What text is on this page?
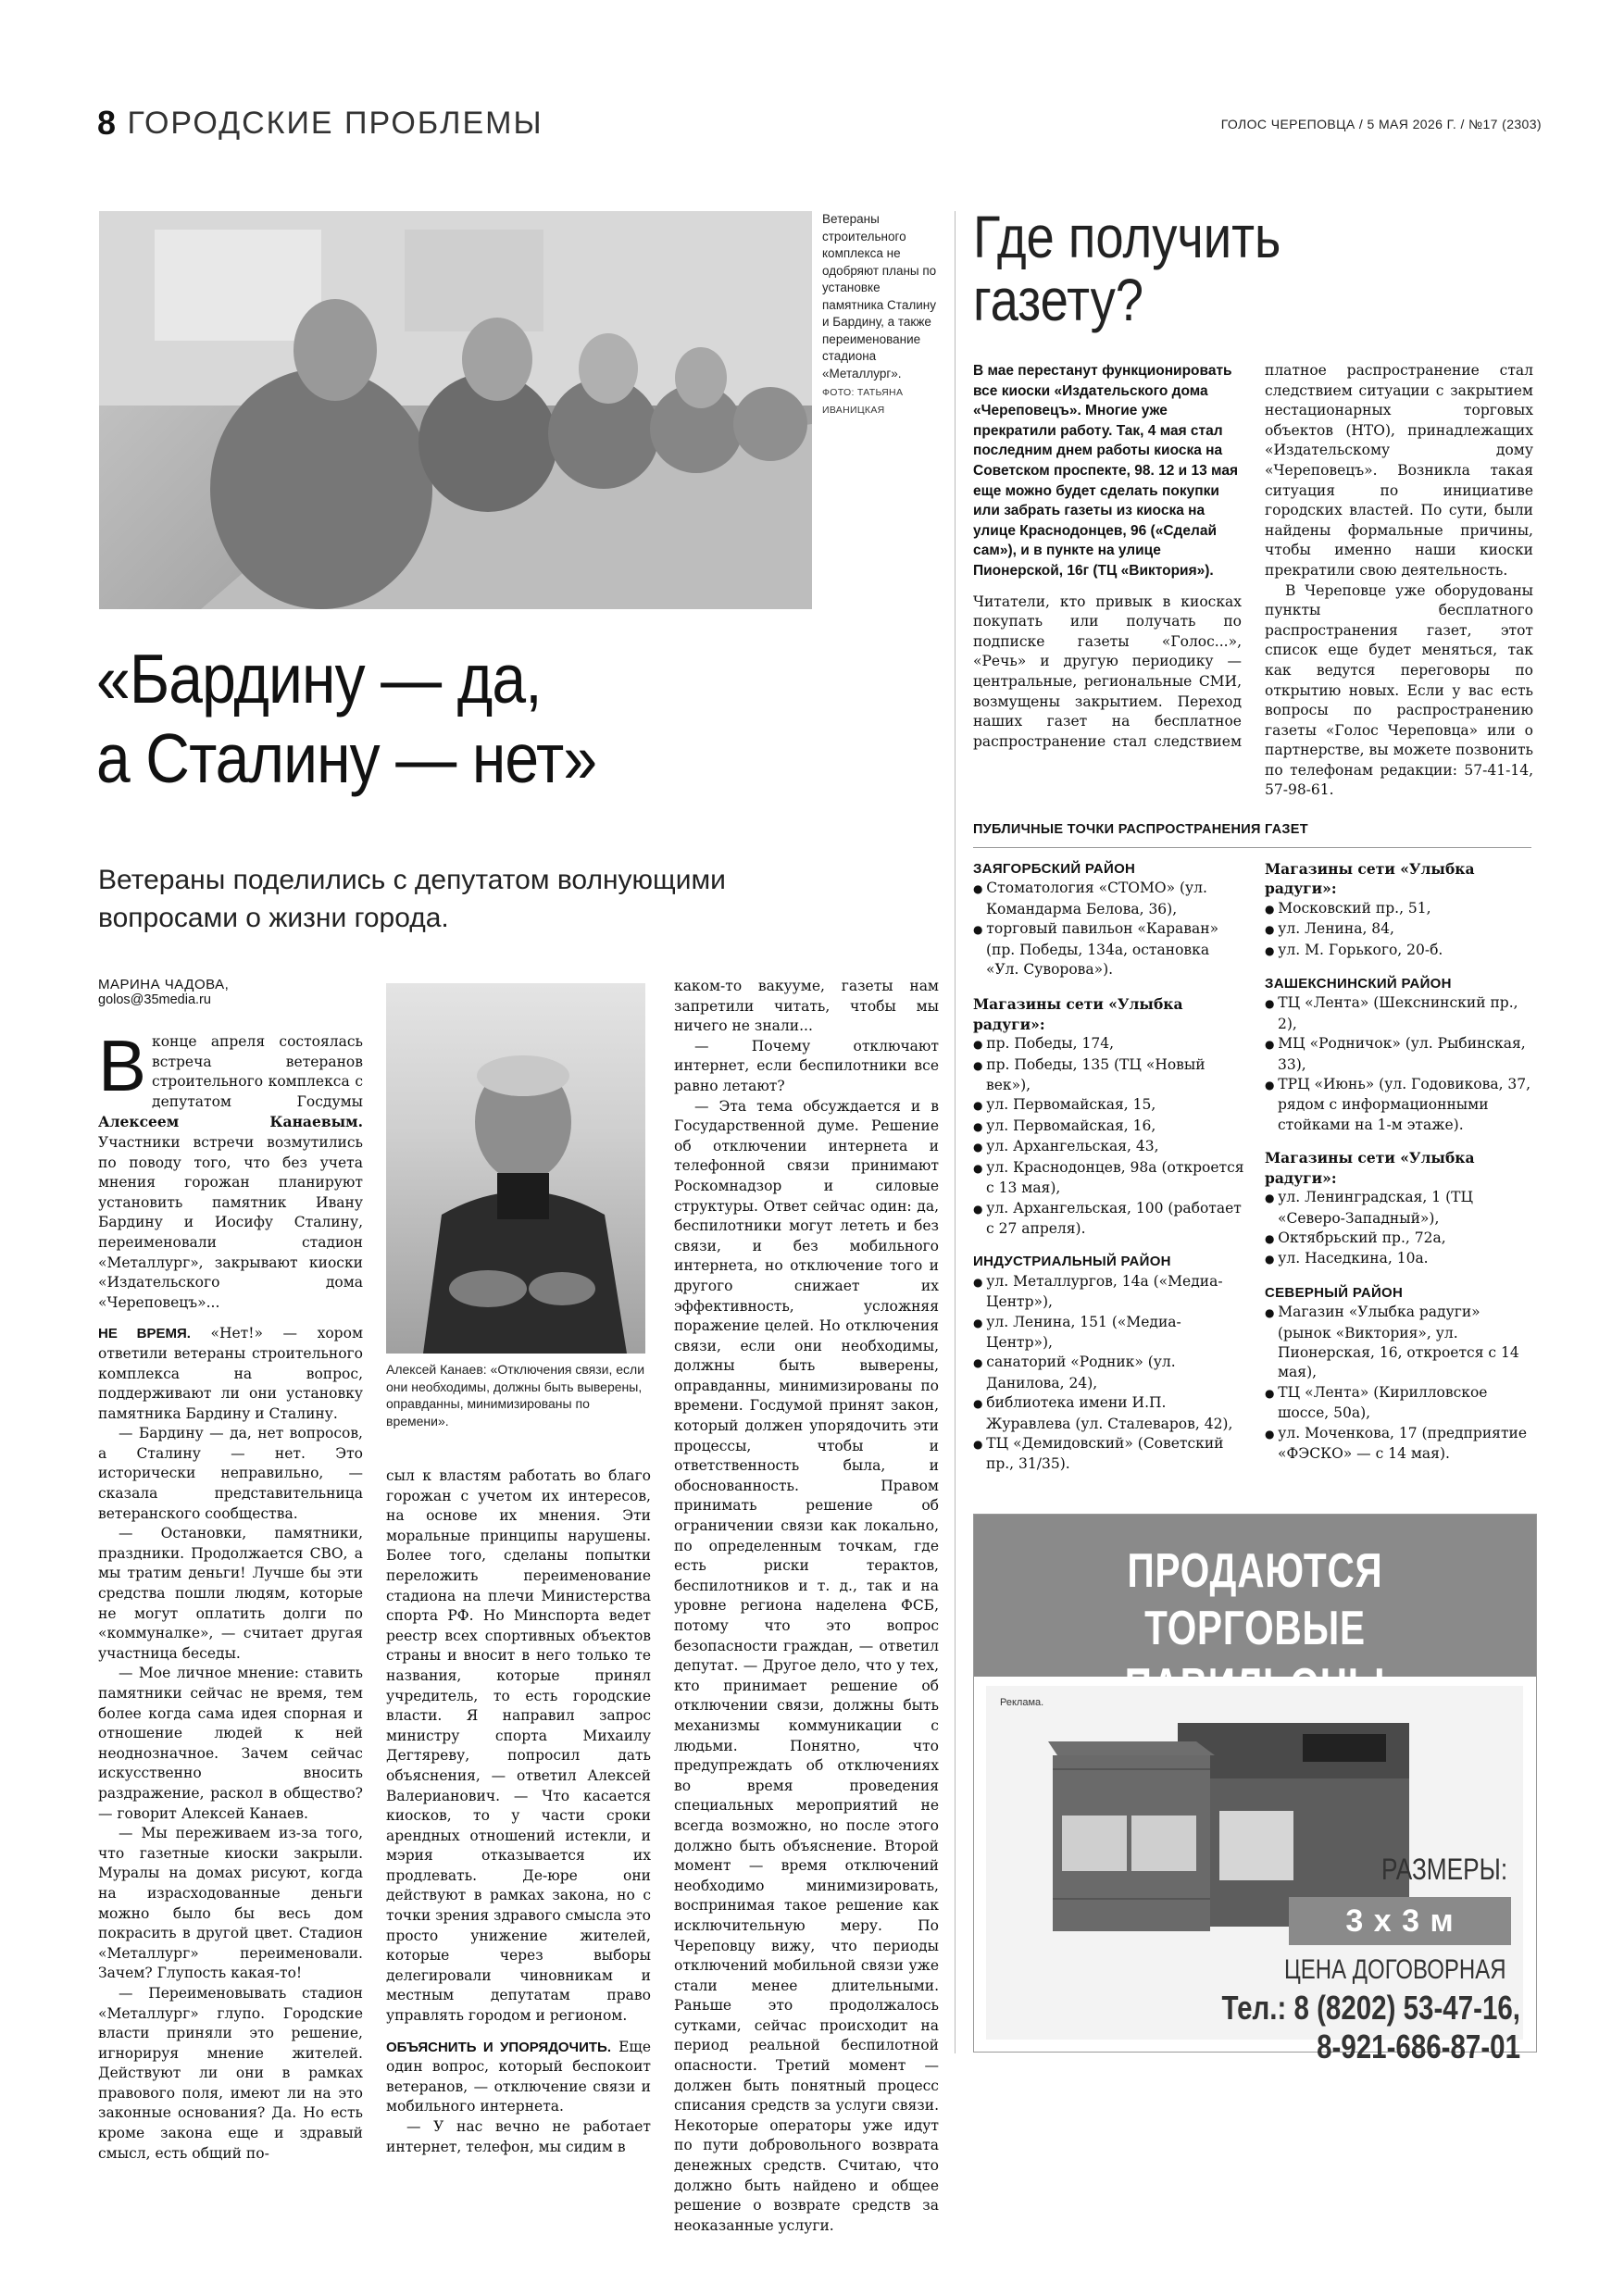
8 ГОРОДСКИЕ ПРОБЛЕМЫ	ГОЛОС ЧЕРЕПОВЦА / 5 МАЯ 2026 Г. / №17 (2303)
Ветераны строительного комплекса не одобряют планы по установке памятника Сталину и Бардину, а также переименование стадиона «Металлург».
ФОТО: ТАТЬЯНА ИВАНИЦКАЯ
«Бардину — да,
а Сталину — нет»
Ветераны поделились с депутатом волнующими вопросами о жизни города.
МАРИНА ЧАДОВА,
golos@35media.ru

Вконце апреля состоялась встреча ветеранов строительного комплекса с депутатом Госдумы Алексеем Канаевым. Участники встречи возмутились по поводу того, что без учета мнения горожан планируют установить памятник Ивану Бардину и Иосифу Сталину, переименовали стадион «Металлург», закрывают киоски «Издательского дома «Череповецъ»...

НЕ ВРЕМЯ. «Нет!» — хором ответили ветераны строительного комплекса на вопрос, поддерживают ли они установку памятника Бардину и Сталину.

— Бардину — да, нет вопросов, а Сталину — нет. Это исторически неправильно, — сказала представительница ветеранского сообщества.

— Остановки, памятники, праздники. Продолжается СВО, а мы тратим деньги! Лучше бы эти средства пошли людям, которые не могут оплатить долги по «коммуналке», — считает другая участница беседы.

— Мое личное мнение: ставить памятники сейчас не время, тем более когда сама идея спорная и отношение людей к ней неоднозначное. Зачем сейчас искусственно вносить раздражение, раскол в общество? — говорит Алексей Канаев.

— Мы переживаем из-за того, что газетные киоски закрыли. Муралы на домах рисуют, когда на израсходованные деньги можно было бы весь дом покрасить в другой цвет. Стадион «Металлург» переименовали. Зачем? Глупость какая-то!

— Переименовывать стадион «Металлург» глупо. Городские власти приняли это решение, игнорируя мнение жителей. Действуют ли они в рамках правового поля, имеют ли на это законные основания? Да. Но есть кроме закона еще и здравый смысл, есть общий по-

Алексей Канаев: «Отключения связи, если они необходимы, должны быть выверены, оправданны, минимизированы по времени».

сыл к властям работать во благо горожан с учетом их интересов, на основе их мнения. Эти моральные принципы нарушены. Более того, сделаны попытки переложить переименование стадиона на плечи Министерства спорта РФ. Но Минспорта ведет реестр всех спортивных объектов страны и вносит в него только те названия, которые принял учредитель, то есть городские власти. Я направил запрос министру спорта Михаилу Дегтяреву, попросил дать объяснения, — ответил Алексей Валерианович. — Что касается киосков, то у части сроки арендных отношений истекли, и мэрия отказывается их продлевать. Де-юре они действуют в рамках закона, но с точки зрения здравого смысла это просто унижение жителей, которые через выборы делегировали чиновникам и местным депутатам право управлять городом и регионом.

ОБЪЯСНИТЬ И УПОРЯДОЧИТЬ. Еще один вопрос, который беспокоит ветеранов, — отключение связи и мобильного интернета.

— У нас вечно не работает интернет, телефон, мы сидим в

каком-то вакууме, газеты нам запретили читать, чтобы мы ничего не знали...

— Почему отключают интернет, если беспилотники все равно летают?

— Эта тема обсуждается и в Государственной думе. Решение об отключении интернета и телефонной связи принимают Роскомнадзор и силовые структуры. Ответ сейчас один: да, беспилотники могут лететь и без связи, и без мобильного интернета, но отключение того и другого снижает их эффективность, усложняя поражение целей. Но отключения связи, если они необходимы, должны быть выверены, оправданны, минимизированы по времени. Госдумой принят закон, который должен упорядочить эти процессы, чтобы и ответственность была, и обоснованность. Правом принимать решение об ограничении связи как локально, по определенным точкам, где есть риски терактов, беспилотников и т. д., так и на уровне региона наделена ФСБ, потому что это вопрос безопасности граждан, — ответил депутат. — Другое дело, что у тех, кто принимает решение об отключении связи, должны быть механизмы коммуникации с людьми. Понятно, что предупреждать об отключениях во время проведения специальных мероприятий не всегда возможно, но после этого должно быть объяснение. Второй момент — время отключений необходимо минимизировать, воспринимая такое решение как исключительную меру. По Череповцу вижу, что периоды отключений мобильной связи уже стали менее длительными. Раньше это продолжалось сутками, сейчас происходит на период реальной беспилотной опасности. Третий момент — должен быть понятный процесс списания средств за услуги связи. Некоторые операторы уже идут по пути добровольного возврата денежных средств. Считаю, что должно быть найдено и общее решение о возврате средств за неоказанные услуги.

Где получить
газету?

В мае перестанут функционировать все киоски «Издательского дома «Череповецъ». Многие уже прекратили работу. Так, 4 мая стал последним днем работы киоска на Советском проспекте, 98. 12 и 13 мая еще можно будет сделать покупки или забрать газеты из киоска на улице Краснодонцев, 96 («Сделай сам»), и в пункте на улице Пионерской, 16г (ТЦ «Виктория»).

Читатели, кто привык в киосках покупать или получать по подписке газеты «Голос...», «Речь» и другую периодику — центральные, региональные СМИ, возмущены закрытием. Переход наших газет на бесплатное распространение стал следствием

платное распространение стал следствием ситуации с закрытием нестационарных торговых объектов (НТО), принадлежащих «Издательскому дому «Череповецъ». Возникла такая ситуация по инициативе городских властей. По сути, были найдены формальные причины, чтобы именно наши киоски прекратили свою деятельность.

В Череповце уже оборудованы пункты бесплатного распространения газет, этот список еще будет меняться, так как ведутся переговоры по открытию новых. Если у вас есть вопросы по распространению газеты «Голос Череповца» или о партнерстве, вы можете позвонить по телефонам редакции: 57-41-14, 57-98-61.

ПУБЛИЧНЫЕ ТОЧКИ РАСПРОСТРАНЕНИЯ ГАЗЕТ
ЗАЯГОРБСКИЙ РАЙОН
● Стоматология «СТОМО» (ул. Командарма Белова, 36),
● торговый павильон «Караван» (пр. Победы, 134а, остановка «Ул. Суворова»).
Магазины сети «Улыбка радуги»:
● пр. Победы, 174,
● пр. Победы, 135 (ТЦ «Новый век»),
● ул. Первомайская, 15,
● ул. Первомайская, 16,
● ул. Архангельская, 43,
● ул. Краснодонцев, 98а (откроется с 13 мая),
● ул. Архангельская, 100 (работает с 27 апреля).
ИНДУСТРИАЛЬНЫЙ РАЙОН
● ул. Металлургов, 14а («Медиа-Центр»),
● ул. Ленина, 151 («Медиа-Центр»),
● санаторий «Родник» (ул. Данилова, 24),
● библиотека имени И.П. Журавлева (ул. Сталеваров, 42),
● ТЦ «Демидовский» (Советский пр., 31/35).
Магазины сети «Улыбка радуги»:
● Московский пр., 51,
● ул. Ленина, 84,
● ул. М. Горького, 20-б.
ЗАШЕКСНИНСКИЙ РАЙОН
● ТЦ «Лента» (Шекснинский пр., 2),
● МЦ «Родничок» (ул. Рыбинская, 33),
● ТРЦ «Июнь» (ул. Годовикова, 37, рядом с информационными стойками на 1-м этаже).
Магазины сети «Улыбка радуги»:
● ул. Ленинградская, 1 (ТЦ «Северо-Западный»),
● Октябрьский пр., 72а,
● ул. Наседкина, 10а.
СЕВЕРНЫЙ РАЙОН
● Магазин «Улыбка радуги» (рынок «Виктория», ул. Пионерская, 16, откроется с 14 мая),
● ТЦ «Лента» (Кирилловское шоссе, 50а),
● ул. Моченкова, 17 (предприятие «ФЭСКО» — с 14 мая).
ПРОДАЮТСЯ ТОРГОВЫЕ
Реклама.
РАЗМЕРЫ:
3 х 3 м
ЦЕНА ДОГОВОРНАЯ
Тел.: 8 (8202) 53-47-16,
8-921-686-87-01
